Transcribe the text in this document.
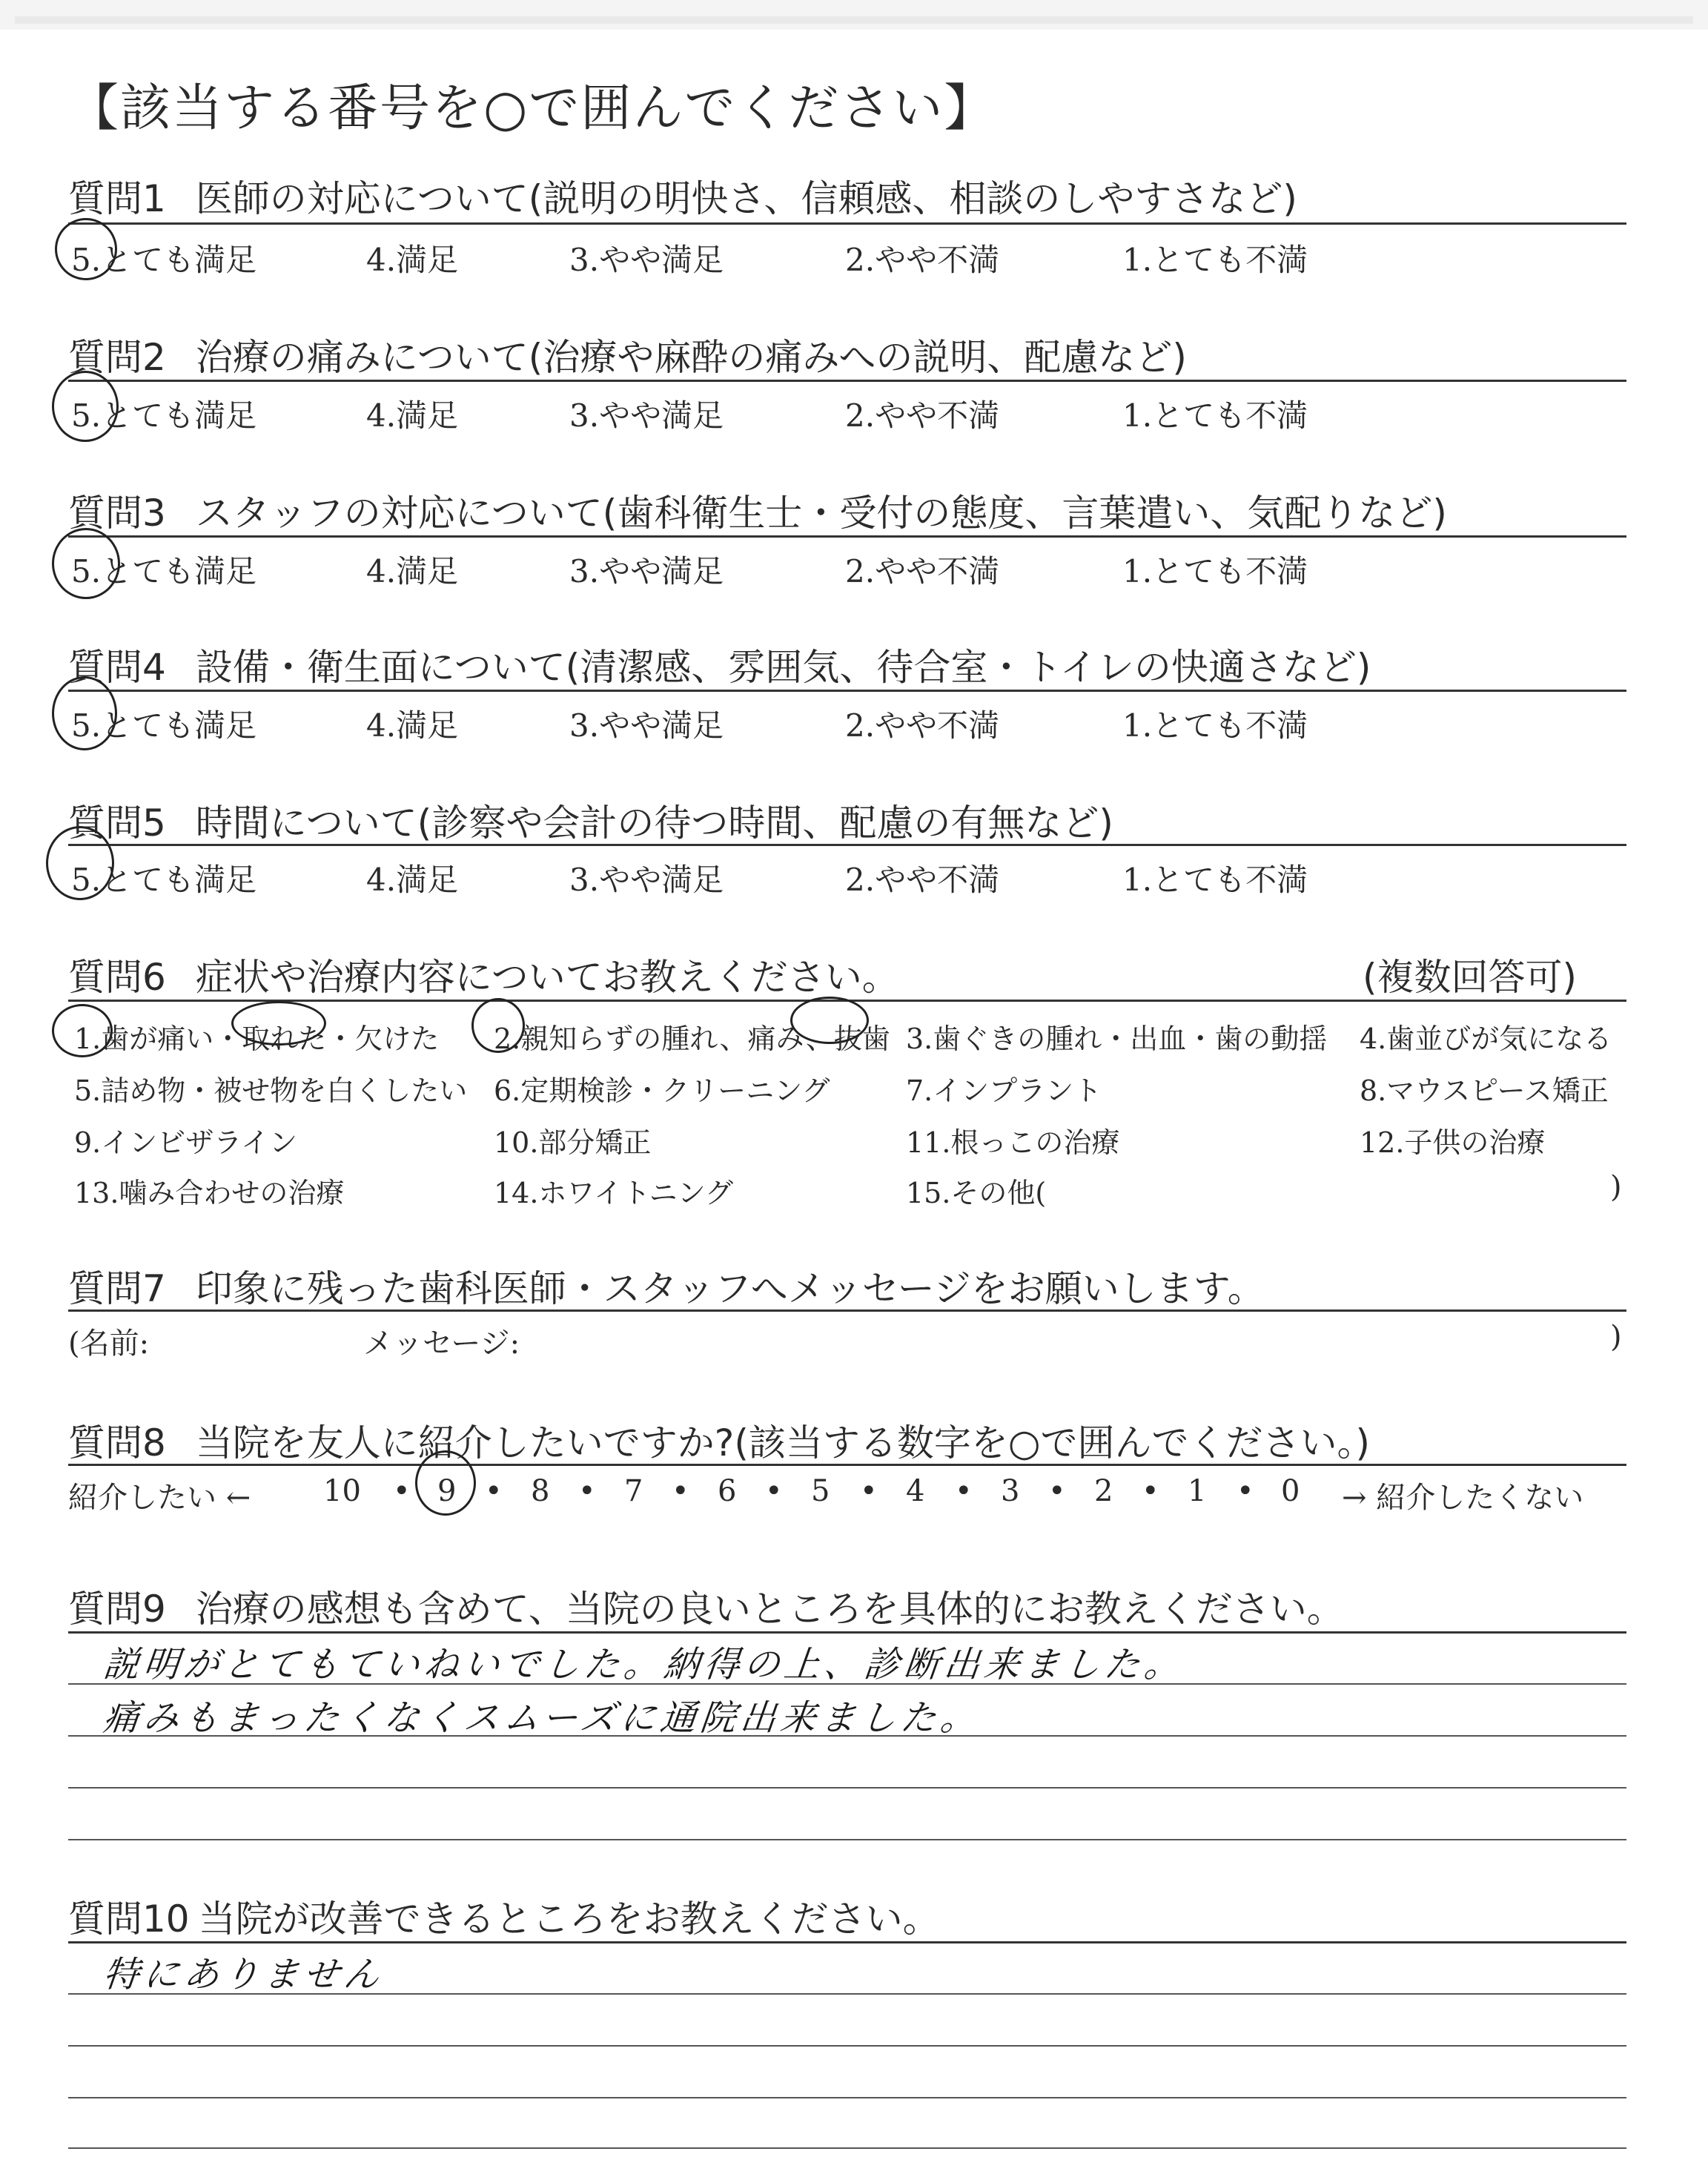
【該当する番号を○で囲んでください】
質問1 医師の対応について(説明の明快さ、信頼感、相談のしやすさなど)
5.とても満足	4.満足	3.やや満足	2.やや不満	1.とても不満
質問2 治療の痛みについて(治療や麻酔の痛みへの説明、配慮など)
5.とても満足	4.満足	3.やや満足	2.やや不満	1.とても不満
質問3 スタッフの対応について(歯科衛生士・受付の態度、言葉遣い、気配りなど)
5.とても満足	4.満足	3.やや満足	2.やや不満	1.とても不満
質問4 設備・衛生面について(清潔感、雰囲気、待合室・トイレの快適さなど)
5.とても満足	4.満足	3.やや満足	2.やや不満	1.とても不満
質問5 時間について(診察や会計の待つ時間、配慮の有無など)
5.とても満足	4.満足	3.やや満足	2.やや不満	1.とても不満
質問6 症状や治療内容についてお教えください。	(複数回答可)
1.歯が痛い・取れた・欠けた 2.親知らずの腫れ、痛み、抜歯 3.歯ぐきの腫れ・出血・歯の動揺 4.歯並びが気になる
5.詰め物・被せ物を白くしたい 6.定期検診・クリーニング	7.インプラント	8.マウスピース矯正
9.インビザライン	10.部分矯正	11.根っこの治療	12.子供の治療
13.噛み合わせの治療	14.ホワイトニング	15.その他(	)
質問7 印象に残った歯科医師・スタッフへメッセージをお願いします。
(名前:	メッセージ:	)
質問8 当院を友人に紹介したいですか?(該当する数字を○で囲んでください。)
紹介したい ← 10 • 9 • 8 • 7 • 6 • 5 • 4 • 3 • 2 • 1 • 0 → 紹介したくない
質問9 治療の感想も含めて、当院の良いところを具体的にお教えください。
説明がとてもていねいでした。納得の上、診断出来ました。
痛みもまったくなくスムーズに通院出来ました。
質問10 当院が改善できるところをお教えください。
特にありません
